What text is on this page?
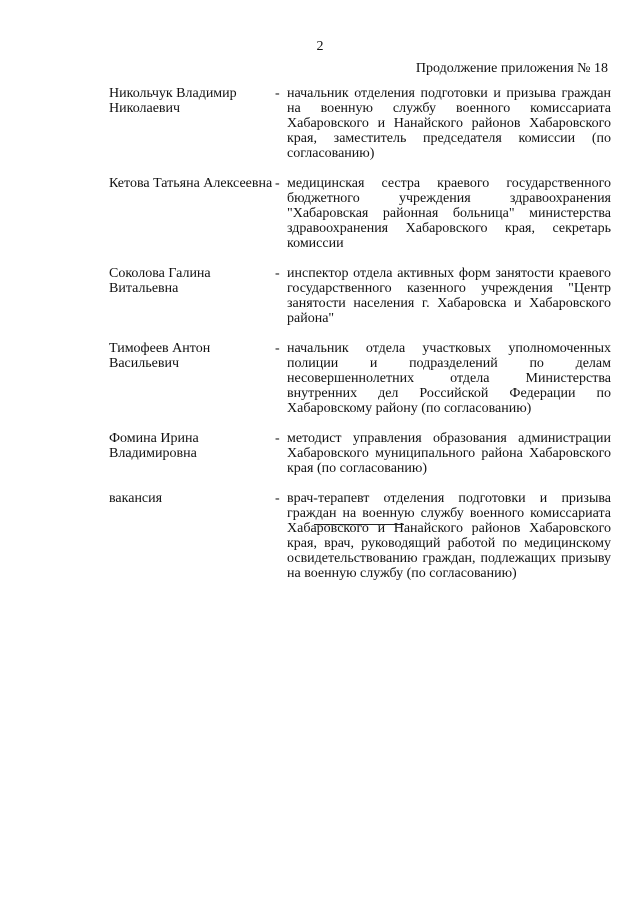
2
Продолжение приложения № 18
Никольчук Владимир Николаевич
- начальник отделения подготовки и призыва граждан на военную службу военного комиссариата Хабаровского и Нанайского районов Хабаровского края, заместитель председателя комиссии (по согласованию)
Кетова Татьяна Алексеевна - медицинская сестра краевого государственного бюджетного учреждения здравоохранения "Хабаровская районная больница" министерства здравоохранения Хабаровского края, секретарь комиссии
Соколова Галина Витальевна
- инспектор отдела активных форм занятости краевого государственного казенного учреждения "Центр занятости населения г. Хабаровска и Хабаровского района"
Тимофеев Антон Васильевич
- начальник отдела участковых уполномоченных полиции и подразделений по делам несовершеннолетних отдела Министерства внутренних дел Российской Федерации по Хабаровскому району (по согласованию)
Фомина Ирина Владимировна
- методист управления образования администрации Хабаровского муниципального района Хабаровского края (по согласованию)
вакансия	- врач-терапевт отделения подготовки и призыва граждан на военную службу военного комиссариата Хабаровского и Нанайского районов Хабаровского края, врач, руководящий работой по медицинскому освидетельствованию граждан, подлежащих призыву на военную службу (по согласованию)
